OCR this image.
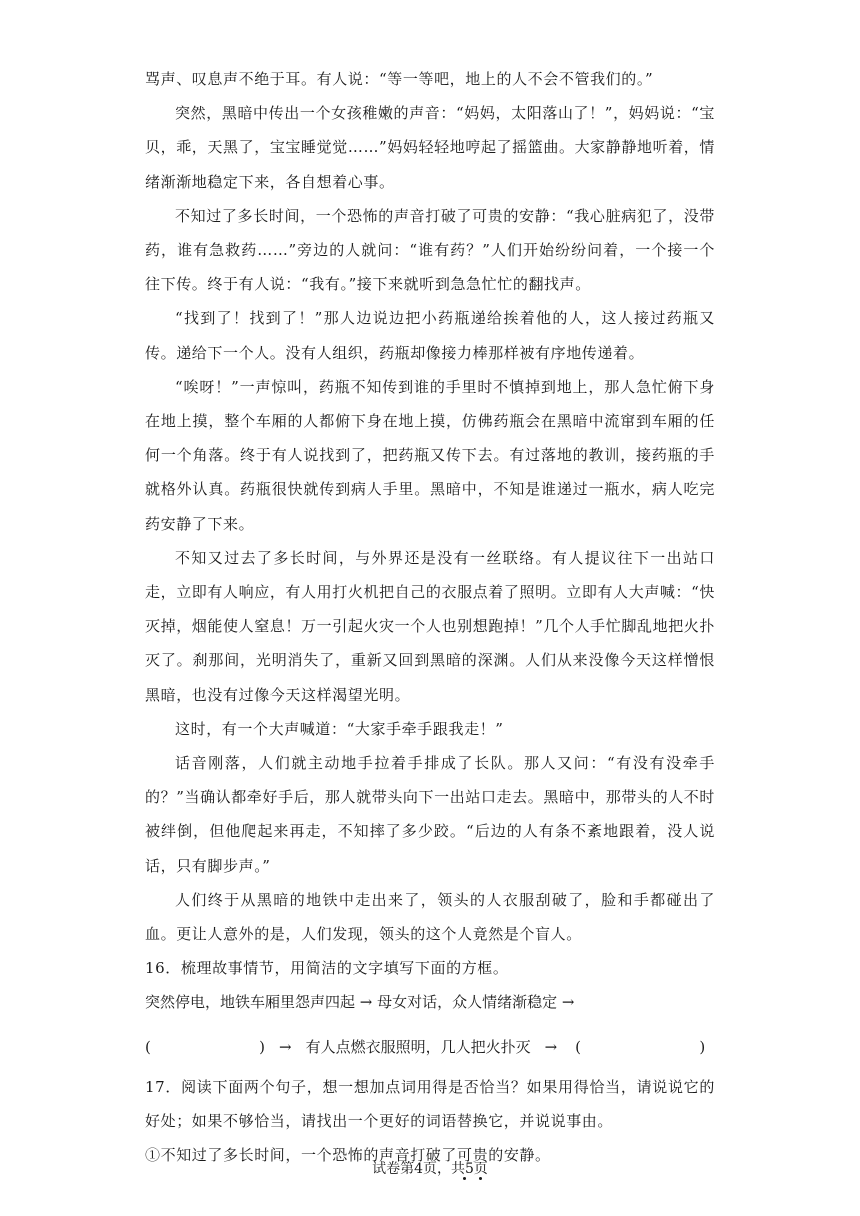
骂声、叹息声不绝于耳。有人说：“等一等吧，地上的人不会不管我们的。”

突然，黑暗中传出一个女孩稚嫩的声音：“妈妈，太阳落山了！”，妈妈说：“宝贝，乖，天黑了，宝宝睡觉觉……”妈妈轻轻地哼起了摇篮曲。大家静静地听着，情绪渐渐地稳定下来，各自想着心事。

不知过了多长时间，一个恐怖的声音打破了可贵的安静：“我心脏病犯了，没带药，谁有急救药……”旁边的人就问：“谁有药？”人们开始纷纷问着，一个接一个往下传。终于有人说：“我有。”接下来就听到急急忙忙的翻找声。

“找到了！找到了！”那人边说边把小药瓶递给挨着他的人，这人接过药瓶又传。递给下一个人。没有人组织，药瓶却像接力棒那样被有序地传递着。

“唉呀！”一声惊叫，药瓶不知传到谁的手里时不慎掉到地上，那人急忙俯下身在地上摸，整个车厢的人都俯下身在地上摸，仿佛药瓶会在黑暗中流窜到车厢的任何一个角落。终于有人说找到了，把药瓶又传下去。有过落地的教训，接药瓶的手就格外认真。药瓶很快就传到病人手里。黑暗中，不知是谁递过一瓶水，病人吃完药安静了下来。

不知又过去了多长时间，与外界还是没有一丝联络。有人提议往下一出站口走，立即有人响应，有人用打火机把自己的衣服点着了照明。立即有人大声喊：“快灭掉，烟能使人窒息！万一引起火灾一个人也别想跑掉！”几个人手忙脚乱地把火扑灭了。刹那间，光明消失了，重新又回到黑暗的深渊。人们从来没像今天这样憎恨黑暗，也没有过像今天这样渴望光明。

这时，有一个大声喊道：“大家手牵手跟我走！”

话音刚落，人们就主动地手拉着手排成了长队。那人又问：“有没有没牵手的？”当确认都牵好手后，那人就带头向下一出站口走去。黑暗中，那带头的人不时被绊倒，但他爬起来再走，不知摔了多少跤。“后边的人有条不紊地跟着，没人说话，只有脚步声。”

人们终于从黑暗的地铁中走出来了，领头的人衣服刮破了，脸和手都碰出了血。更让人意外的是，人们发现，领头的这个人竟然是个盲人。

16．梳理故事情节，用简洁的文字填写下面的方框。

突然停电，地铁车厢里怨声四起 → 母女对话，众人情绪渐稳定 →

(	) → 有人点燃衣服照明，几人把火扑灭 → (	)

17．阅读下面两个句子，想一想加点词用得是否恰当？如果用得恰当，请说说它的好处；如果不够恰当，请找出一个更好的词语替换它，并说说事由。

①不知过了多长时间，一个恐怖的声音打破了可贵的安静。

试卷第4页，共5页
